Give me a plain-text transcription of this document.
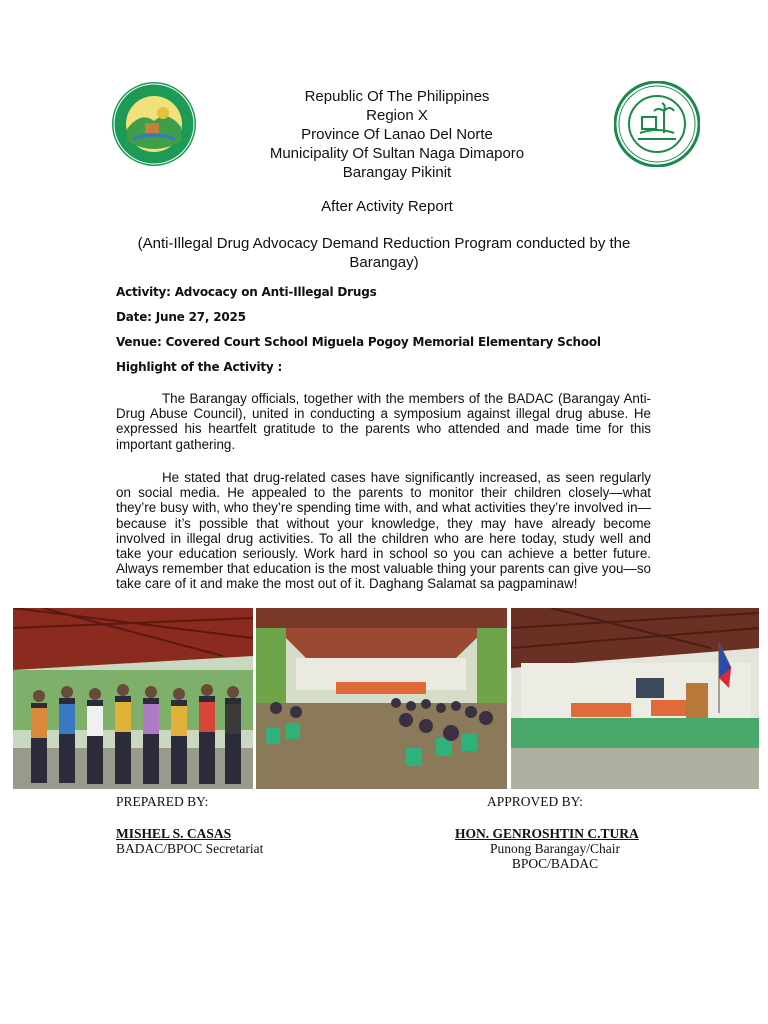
Republic Of The Philippines
Region X
Province Of Lanao Del Norte
Municipality Of Sultan Naga Dimaporo
Barangay Pikinit
After Activity Report
(Anti-Illegal Drug Advocacy Demand Reduction Program conducted by the Barangay)
Activity: Advocacy on Anti-Illegal Drugs
Date: June 27, 2025
Venue: Covered Court School Miguela Pogoy Memorial Elementary School
Highlight of the Activity :
The Barangay officials, together with the members of the BADAC (Barangay Anti-Drug Abuse Council), united in conducting a symposium against illegal drug abuse. He expressed his heartfelt gratitude to the parents who attended and made time for this important gathering.
He stated that drug-related cases have significantly increased, as seen regularly on social media. He appealed to the parents to monitor their children closely—what they’re busy with, who they’re spending time with, and what activities they’re involved in—because it’s possible that without your knowledge, they may have already become involved in illegal drug activities. To all the children who are here today, study well and take your education seriously. Work hard in school so you can achieve a better future. Always remember that education is the most valuable thing your parents can give you—so take care of it and make the most out of it. Daghang Salamat sa pagpaminaw!
PREPARED BY:
MISHEL S. CASAS
BADAC/BPOC Secretariat
APPROVED BY:
HON. GENROSHTIN C.TURA
Punong Barangay/Chair
BPOC/BADAC
